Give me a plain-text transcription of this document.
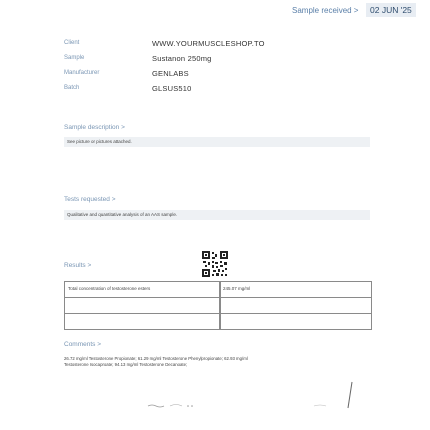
Sample received >	02 JUN '25
Client	WWW.YOURMUSCLESHOP.TO
Sample	Sustanon 250mg
Manufacturer	GENLABS
Batch	GLSUS510
Sample description >
See picture or pictures attached.
Tests requested >
Qualitative and quantitative analysis of an AAS sample.
Results >
Total concentration of testosterone esters	245.07 mg/ml
Comments >
26.72 mg/ml Testosterone Propionate; 61.29 mg/ml Testosterone Phenylpropionate; 62.93 mg/ml
Testosterone Isocaproate; 94.13 mg/ml Testosterone Decanoate;
